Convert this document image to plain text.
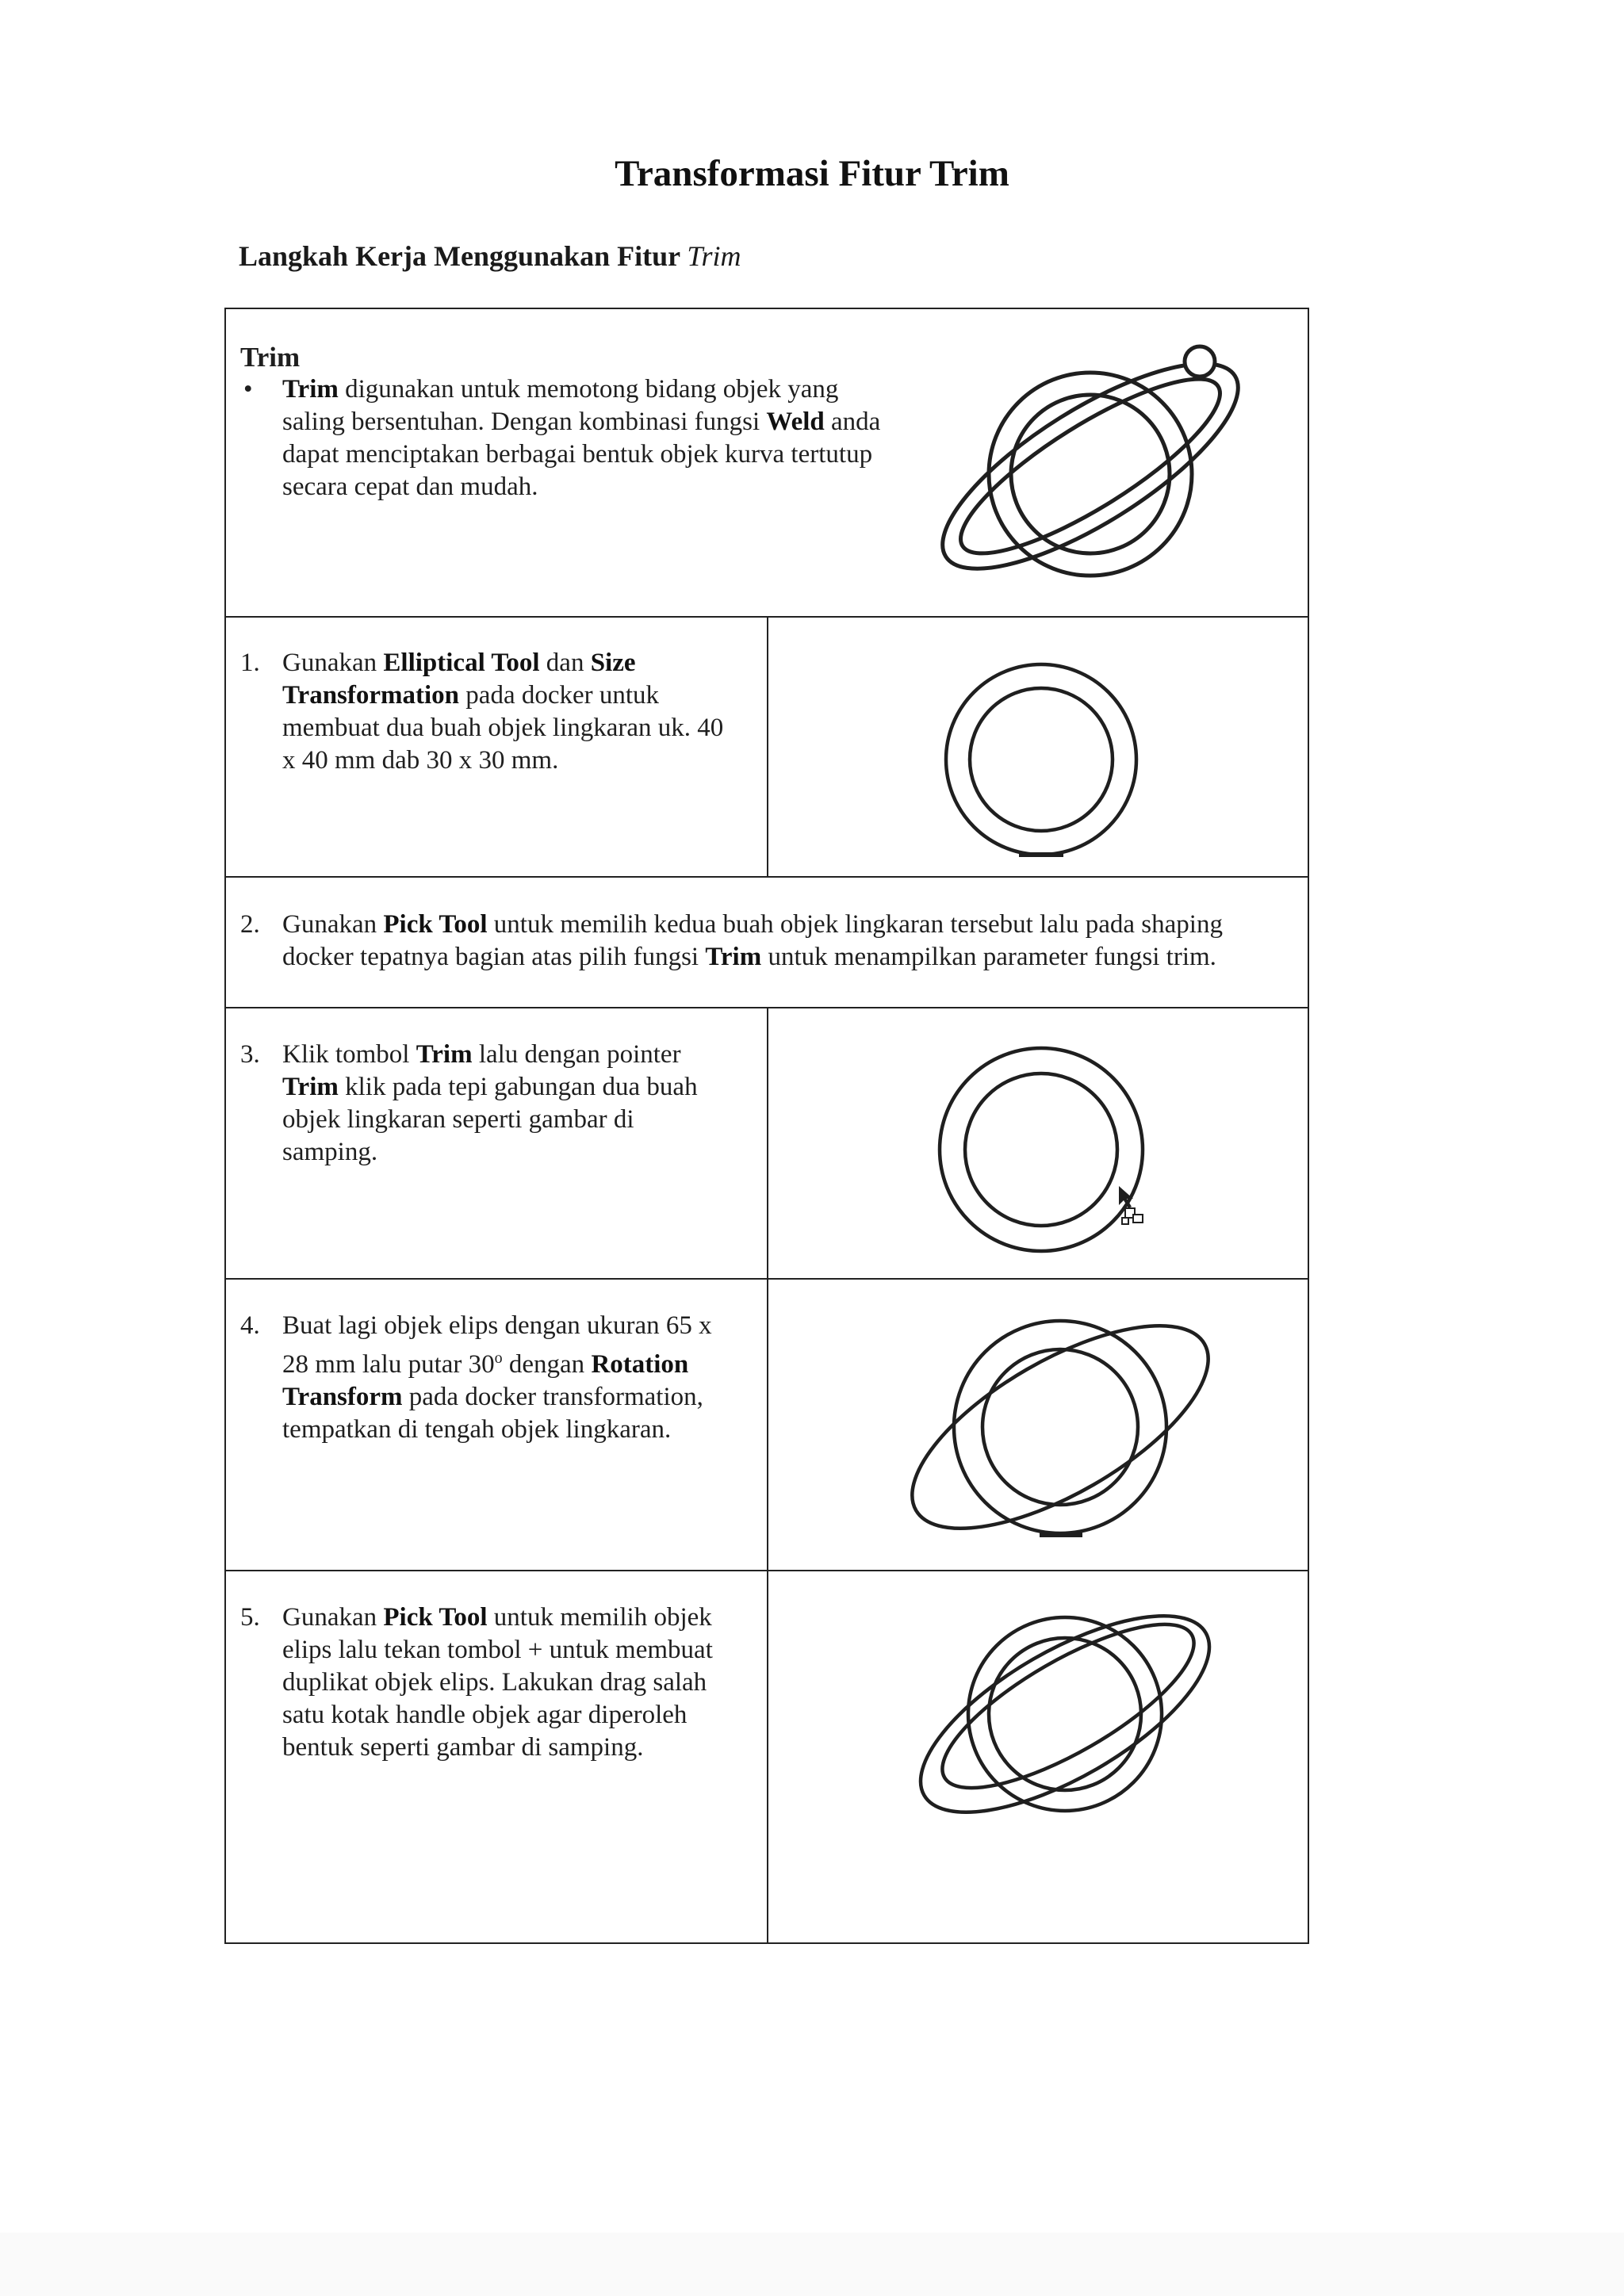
Transformasi Fitur Trim
Langkah Kerja Menggunakan Fitur Trim
Trim
•	Trim digunakan untuk memotong bidang objek yang saling bersentuhan. Dengan kombinasi fungsi Weld anda dapat menciptakan berbagai bentuk objek kurva tertutup secara cepat dan mudah.
1. Gunakan Elliptical Tool dan Size Transformation pada docker untuk membuat dua buah objek lingkaran uk. 40 x 40 mm dab 30 x 30 mm.
2. Gunakan Pick Tool untuk memilih kedua buah objek lingkaran tersebut lalu pada shaping docker tepatnya bagian atas pilih fungsi Trim untuk menampilkan parameter fungsi trim.
3. Klik tombol Trim lalu dengan pointer Trim klik pada tepi gabungan dua buah objek lingkaran seperti gambar di samping.
4. Buat lagi objek elips dengan ukuran 65 x 28 mm lalu putar 30$^o$ dengan Rotation Transform pada docker transformation, tempatkan di tengah objek lingkaran.
5. Gunakan Pick Tool untuk memilih objek elips lalu tekan tombol + untuk membuat duplikat objek elips. Lakukan drag salah satu kotak handle objek agar diperoleh bentuk seperti gambar di samping.
